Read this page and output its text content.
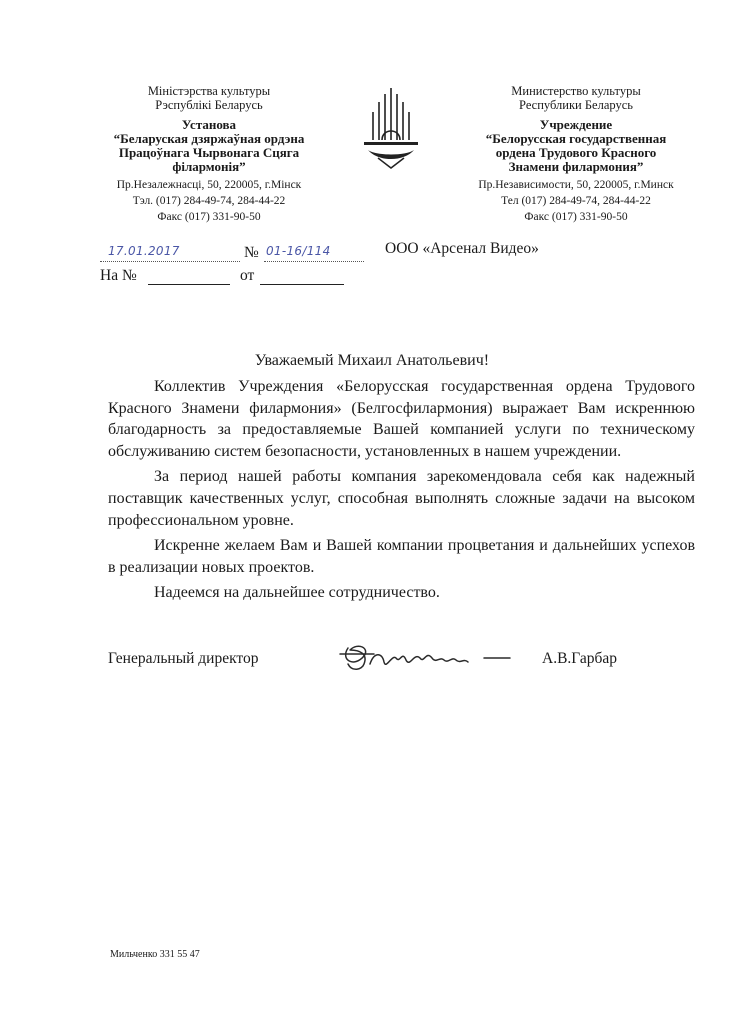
Міністэрства культуры
Рэспублікі Беларусь
Установа
“Беларуская дзяржаўная ордэна
Працоўнага Чырвонага Сцяга
філармонія”
Пр.Незалежнасці, 50, 220005, г.Мінск
Тэл. (017) 284-49-74, 284-44-22
Факс (017) 331-90-50
Министерство культуры
Республики Беларусь
Учреждение
“Белорусская государственная
ордена Трудового Красного
Знамени филармония”
Пр.Независимости, 50, 220005, г.Минск
Тел (017) 284-49-74, 284-44-22
Факс (017) 331-90-50
17.01.2017	№ 01-16/114	ООО «Арсенал Видео»
На №	от
Уважаемый Михаил Анатольевич!

Коллектив Учреждения «Белорусская государственная ордена Трудового Красного Знамени филармония» (Белгосфилармония) выражает Вам искреннюю благодарность за предоставляемые Вашей компанией услуги по техническому обслуживанию систем безопасности, установленных в нашем учреждении.

За период нашей работы компания зарекомендовала себя как надежный поставщик качественных услуг, способная выполнять сложные задачи на высоком профессиональном уровне.

Искренне желаем Вам и Вашей компании процветания и дальнейших успехов в реализации новых проектов.

Надеемся на дальнейшее сотрудничество.

Генеральный директор	А.В.Гарбар
Мильченко 331 55 47
